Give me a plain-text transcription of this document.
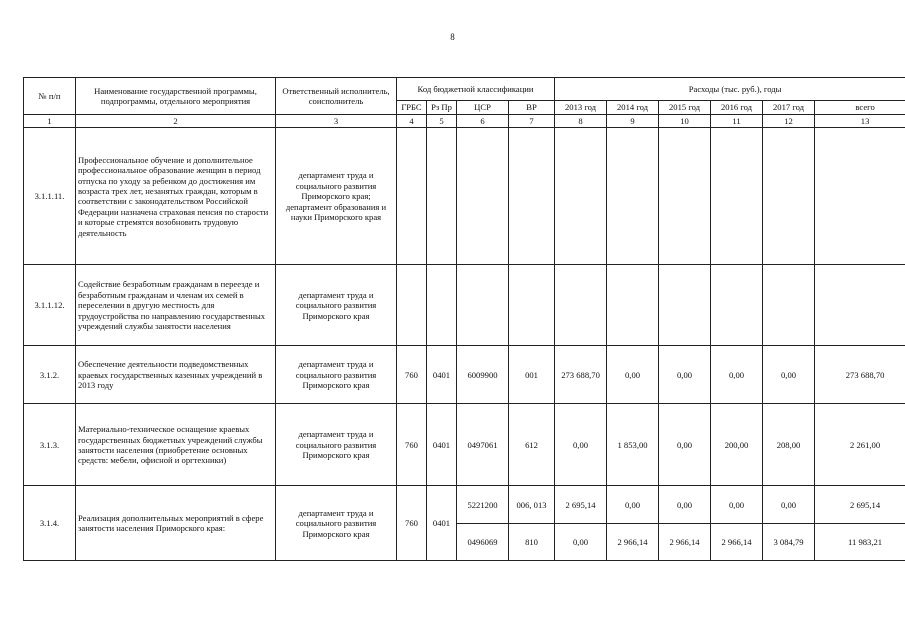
8
№ п/п	Наименование государственной программы, подпрограммы, отдельного мероприятия	Ответственный исполнитель, соисполнитель	Код бюджетной классификации				Расходы (тыс. руб.), годы					
			ГРБС	Рз Пр	ЦСР	ВР	2013 год	2014 год	2015 год	2016 год	2017 год	всего
1	2	3	4	5	6	7	8	9	10	11	12	13
3.1.1.11.	Профессиональное обучение и дополнительное профессиональное образование женщин в период отпуска по уходу за ребенком до достижения им возраста трех лет, незанятых граждан, которым в соответствии с законодательством Российской Федерации назначена страховая пенсия по старости и которые стремятся возобновить трудовую деятельность	департамент труда и социального развития Приморского края; департамент образования и науки Приморского края										
3.1.1.12.	Содействие безработным гражданам в переезде и безработным гражданам и членам их семей в переселении в другую местность для трудоустройства по направлению государственных учреждений службы занятости населения	департамент труда и социального развития Приморского края										
3.1.2.	Обеспечение деятельности подведомственных краевых государственных казенных учреждений в 2013 году	департамент труда и социального развития Приморского края	760	0401	6009900	001	273 688,70	0,00	0,00	0,00	0,00	273 688,70
3.1.3.	Материально-техническое оснащение краевых государственных бюджетных учреждений службы занятости населения (приобретение основных средств: мебели, офисной и оргтехники)	департамент труда и социального развития Приморского края	760	0401	0497061	612	0,00	1 853,00	0,00	200,00	208,00	2 261,00
3.1.4.	Реализация дополнительных мероприятий в сфере занятости населения Приморского края:	департамент труда и социального развития Приморского края	760	0401	5221200	006, 013	2 695,14	0,00	0,00	0,00	0,00	2 695,14
					0496069	810	0,00	2 966,14	2 966,14	2 966,14	3 084,79	11 983,21
